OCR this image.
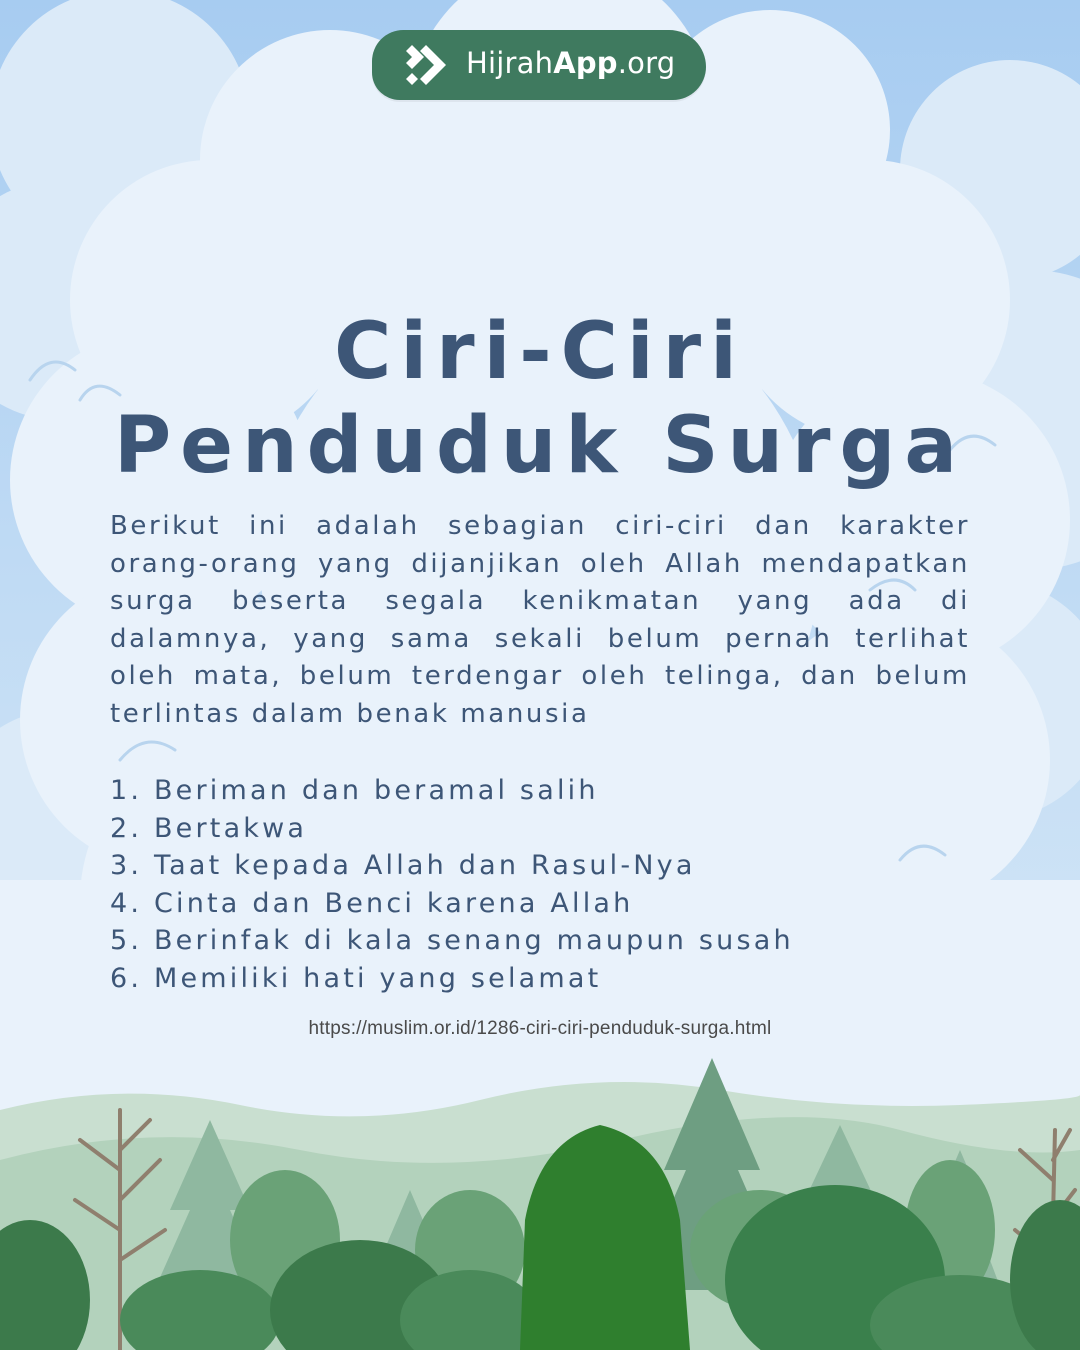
HijrahApp.org
Ciri-Ciri
Penduduk Surga

Berikut ini adalah sebagian ciri-ciri dan karakter orang-orang yang dijanjikan oleh Allah mendapatkan surga beserta segala kenikmatan yang ada di dalamnya, yang sama sekali belum pernah terlihat oleh mata, belum terdengar oleh telinga, dan belum terlintas dalam benak manusia

1. Beriman dan beramal salih
2. Bertakwa
3. Taat kepada Allah dan Rasul-Nya
4. Cinta dan Benci karena Allah
5. Berinfak di kala senang maupun susah
6. Memiliki hati yang selamat
https://muslim.or.id/1286-ciri-ciri-penduduk-surga.html
